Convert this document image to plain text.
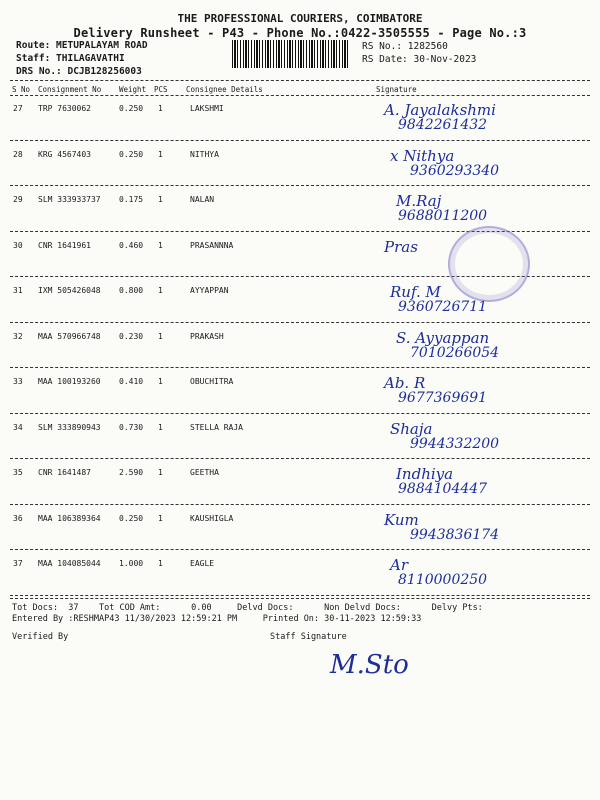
THE PROFESSIONAL COURIERS, COIMBATORE
Delivery Runsheet - P43 - Phone No.:0422-3505555 - Page No.:3
Route: METUPALAYAM ROAD
Staff: THILAGAVATHI
DRS No.: DCJB128256003
RS No.: 1282560
RS Date: 30-Nov-2023
S No Consignment No Weight PCS Consignee Details	Signature
27 TRP 7630062	0.250 1	LAKSHMI	A. Jayalakshmi
9842261432
28 KRG 4567403	0.250 1	NITHYA	x Nithya
9360293340
29 SLM 333933737 0.175 1	NALAN	M.Raj
9688011200
30 CNR 1641961	0.460 1	PRASANNNA	Pras
31 IXM 505426048 0.800 1	AYYAPPAN	Ruf. M
9360726711
32 MAA 570966748 0.230 1	PRAKASH	S. Ayyappan
7010266054
33 MAA 100193260 0.410 1	OBUCHITRA	Ab. R
9677369691
34 SLM 333890943 0.730 1	STELLA RAJA	Shaja
9944332200
35 CNR 1641487	2.590 1	GEETHA	Indhiya
9884104447
36 MAA 106389364 0.250 1	KAUSHIGLA	Kum
9943836174
37 MAA 104085044 1.000 1	EAGLE	Ar
8110000250
Tot Docs:  37    Tot COD Amt:      0.00     Delvd Docs:      Non Delvd Docs:      Delvy Pts:
Entered By :RESHMAP43 11/30/2023 12:59:21 PM     Printed On: 30-11-2023 12:59:33
Verified By	Staff Signature
M.Sto
